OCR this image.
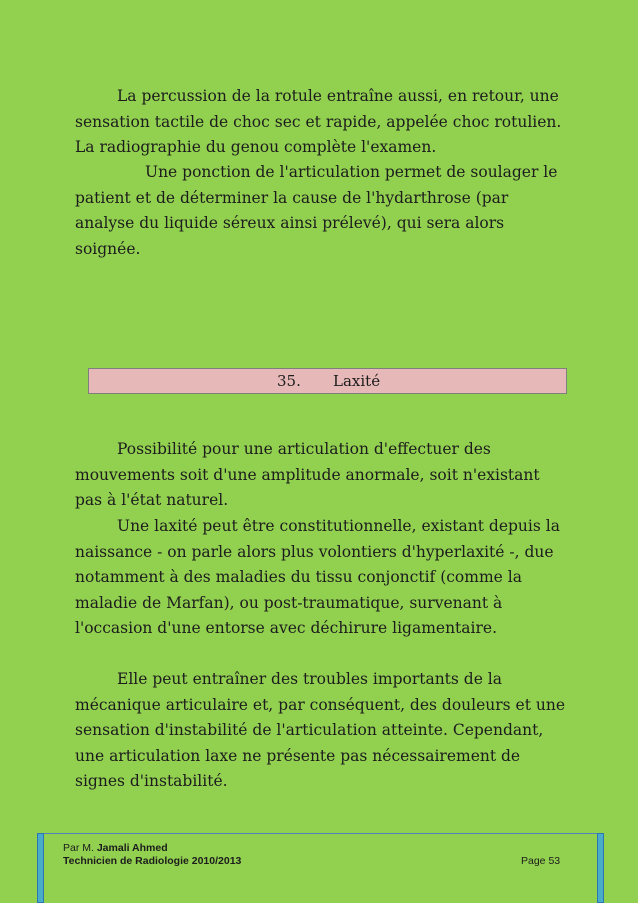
La percussion de la rotule entraîne aussi, en retour, une sensation tactile de choc sec et rapide, appelée choc rotulien. La radiographie du genou complète l'examen.

Une ponction de l'articulation permet de soulager le patient et de déterminer la cause de l'hydarthrose (par analyse du liquide séreux ainsi prélevé), qui sera alors soignée.

35. Laxité

Possibilité pour une articulation d'effectuer des mouvements soit d'une amplitude anormale, soit n'existant pas à l'état naturel.

Une laxité peut être constitutionnelle, existant depuis la naissance - on parle alors plus volontiers d'hyperlaxité -, due notamment à des maladies du tissu conjonctif (comme la maladie de Marfan), ou post-traumatique, survenant à l'occasion d'une entorse avec déchirure ligamentaire.

Elle peut entraîner des troubles importants de la mécanique articulaire et, par conséquent, des douleurs et une sensation d'instabilité de l'articulation atteinte. Cependant, une articulation laxe ne présente pas nécessairement de signes d'instabilité.

Par M. Jamali Ahmed
Technicien de Radiologie 2010/2013	Page 53
